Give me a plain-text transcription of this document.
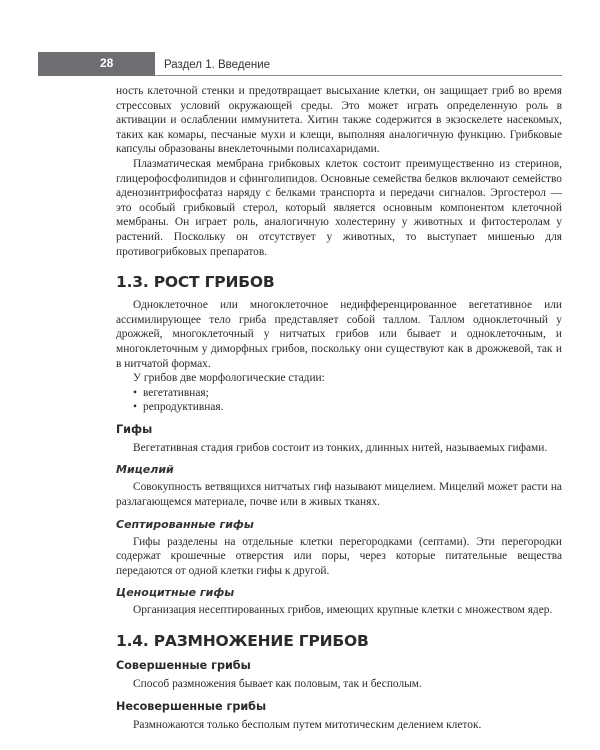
28	Раздел 1. Введение

ность клеточной стенки и предотвращает высыхание клетки, он защищает гриб во время стрессовых условий окружающей среды. Это может играть определенную роль в активации и ослаблении иммунитета. Хитин также содержится в экзоскелете насекомых, таких как комары, песчаные мухи и клещи, выполняя аналогичную функцию. Грибковые капсулы образованы внеклеточными полисахаридами.

Плазматическая мембрана грибковых клеток состоит преимущественно из стеринов, глицерофосфолипидов и сфинголипидов. Основные семейства белков включают семейство аденозинтрифосфатаз наряду с белками транспорта и передачи сигналов. Эргостерол — это особый грибковый стерол, который является основным компонентом клеточной мембраны. Он играет роль, аналогичную холестерину у животных и фитостеролам у растений. Поскольку он отсутствует у животных, то выступает мишенью для противогрибковых препаратов.

1.3. РОСТ ГРИБОВ

Одноклеточное или многоклеточное недифференцированное вегетативное или ассимилирующее тело гриба представляет собой таллом. Таллом одноклеточный у дрожжей, многоклеточный у нитчатых грибов или бывает и одноклеточным, и многоклеточным у диморфных грибов, поскольку они существуют как в дрожжевой, так и в нитчатой формах.

У грибов две морфологические стадии:

• вегетативная;
• репродуктивная.
Гифы

Вегетативная стадия грибов состоит из тонких, длинных нитей, называемых гифами.

Мицелий

Совокупность ветвящихся нитчатых гиф называют мицелием. Мицелий может расти на разлагающемся материале, почве или в живых тканях.

Септированные гифы

Гифы разделены на отдельные клетки перегородками (септами). Эти перегородки содержат крошечные отверстия или поры, через которые питательные вещества передаются от одной клетки гифы к другой.

Ценоцитные гифы

Организация несептированных грибов, имеющих крупные клетки с множеством ядер.

1.4. РАЗМНОЖЕНИЕ ГРИБОВ
Совершенные грибы

Способ размножения бывает как половым, так и бесполым.

Несовершенные грибы

Размножаются только бесполым путем митотическим делением клеток.
